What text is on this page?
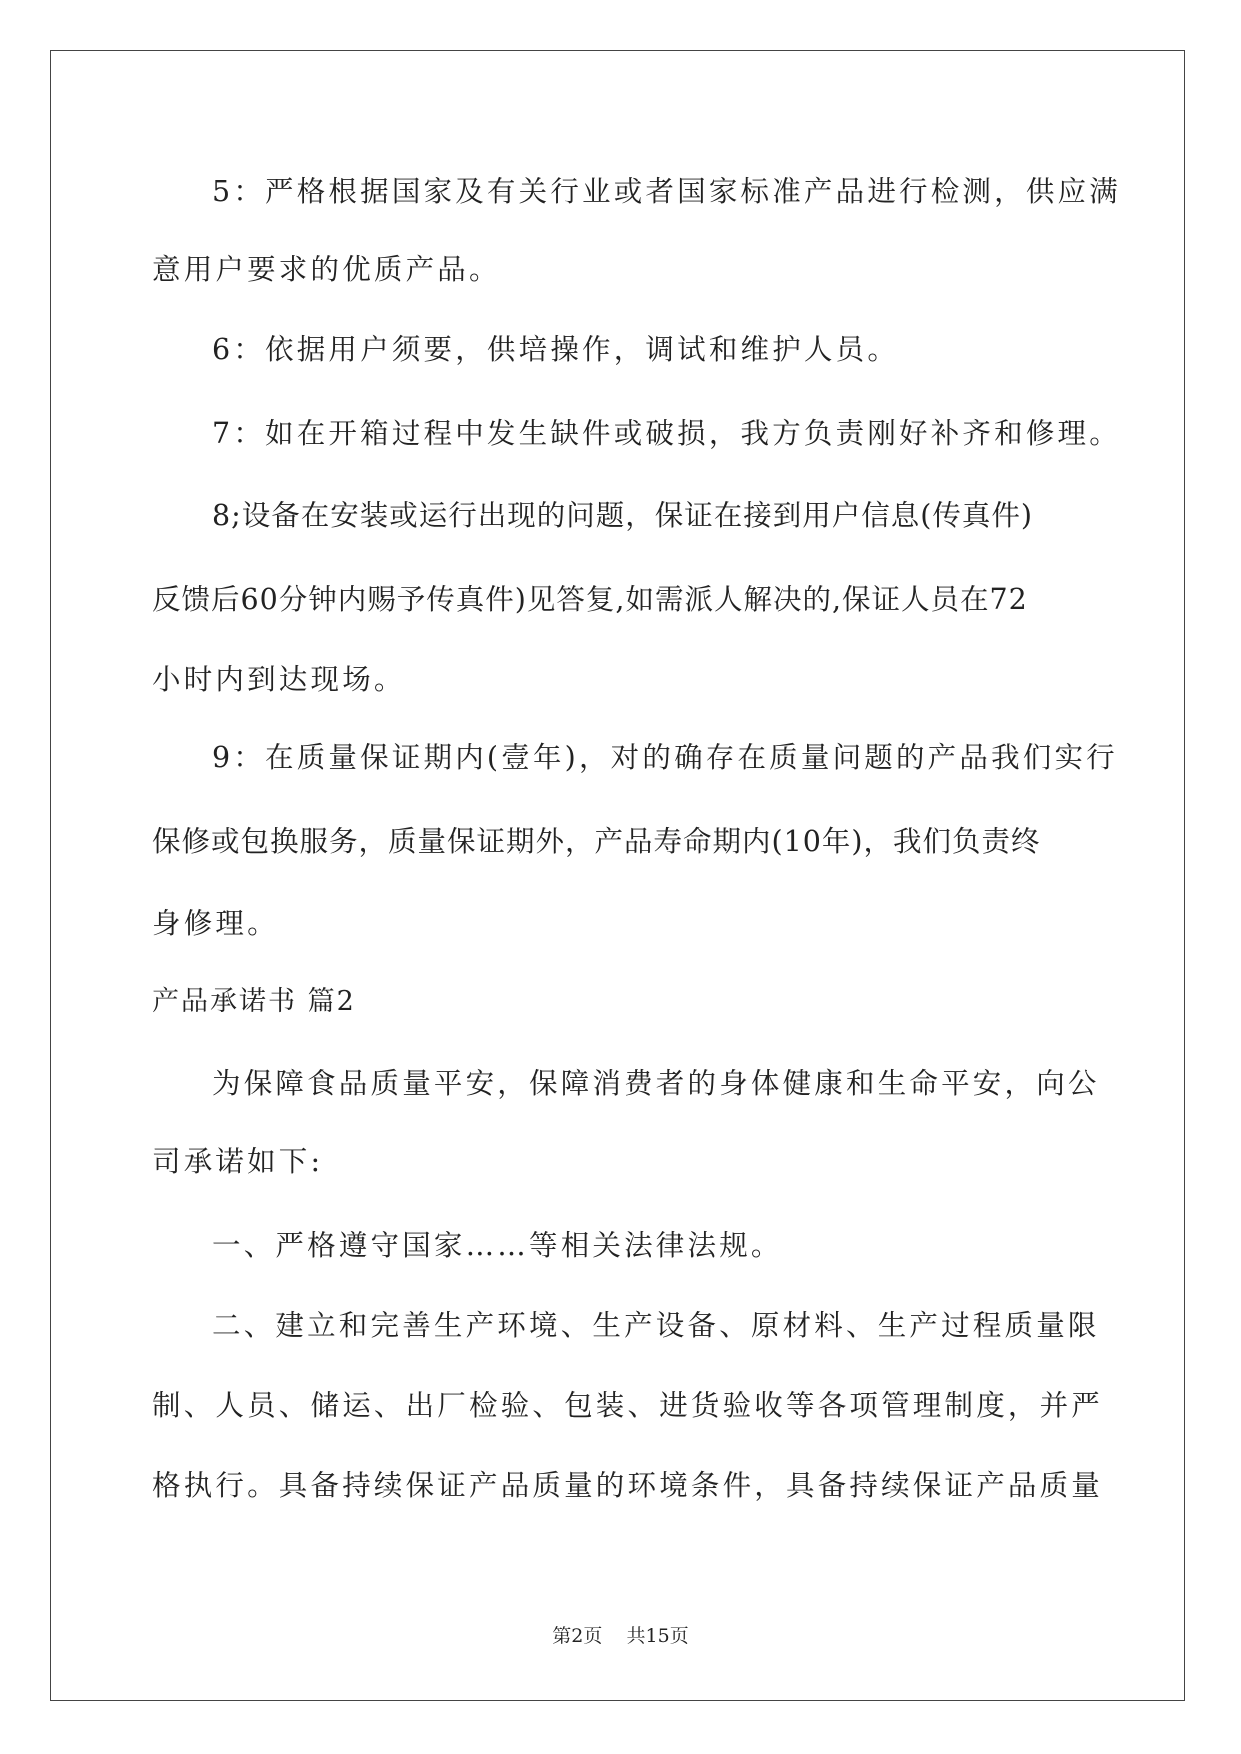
5：严格根据国家及有关行业或者国家标准产品进行检测，供应满
意用户要求的优质产品。
6：依据用户须要，供培操作，调试和维护人员。
7：如在开箱过程中发生缺件或破损，我方负责刚好补齐和修理。
8;设备在安装或运行出现的问题，保证在接到用户信息(传真件)
反馈后60分钟内赐予传真件)见答复,如需派人解决的,保证人员在72
小时内到达现场。
9：在质量保证期内(壹年)，对的确存在质量问题的产品我们实行
保修或包换服务，质量保证期外，产品寿命期内(10年)，我们负责终
身修理。
产品承诺书 篇2
为保障食品质量平安，保障消费者的身体健康和生命平安，向公
司承诺如下:
一、严格遵守国家……等相关法律法规。
二、建立和完善生产环境、生产设备、原材料、生产过程质量限
制、人员、储运、出厂检验、包装、进货验收等各项管理制度，并严
格执行。具备持续保证产品质量的环境条件，具备持续保证产品质量
第2页 共15页
